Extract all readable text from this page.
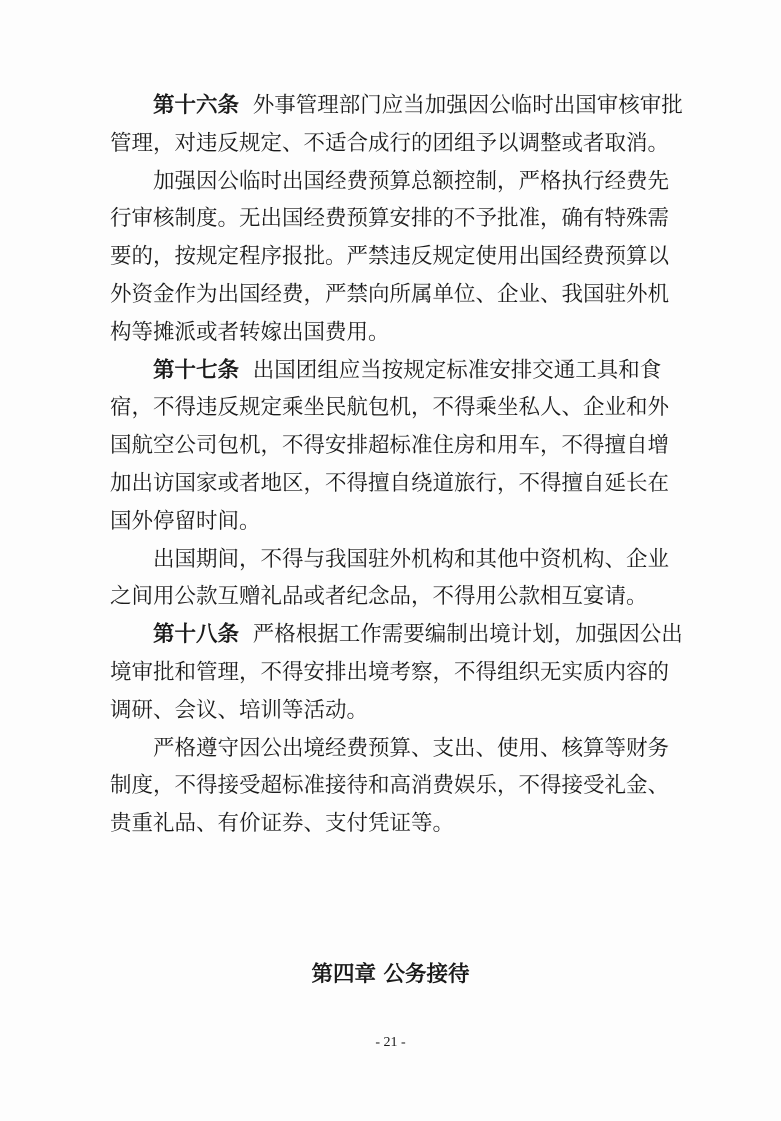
第十六条 外事管理部门应当加强因公临时出国审核审批管理，对违反规定、不适合成行的团组予以调整或者取消。

加强因公临时出国经费预算总额控制，严格执行经费先行审核制度。无出国经费预算安排的不予批准，确有特殊需要的，按规定程序报批。严禁违反规定使用出国经费预算以外资金作为出国经费，严禁向所属单位、企业、我国驻外机构等摊派或者转嫁出国费用。

第十七条 出国团组应当按规定标准安排交通工具和食宿，不得违反规定乘坐民航包机，不得乘坐私人、企业和外国航空公司包机，不得安排超标准住房和用车，不得擅自增加出访国家或者地区，不得擅自绕道旅行，不得擅自延长在国外停留时间。

出国期间，不得与我国驻外机构和其他中资机构、企业之间用公款互赠礼品或者纪念品，不得用公款相互宴请。

第十八条 严格根据工作需要编制出境计划，加强因公出境审批和管理，不得安排出境考察，不得组织无实质内容的调研、会议、培训等活动。

严格遵守因公出境经费预算、支出、使用、核算等财务制度，不得接受超标准接待和高消费娱乐，不得接受礼金、贵重礼品、有价证券、支付凭证等。

第四章 公务接待
- 21 -
